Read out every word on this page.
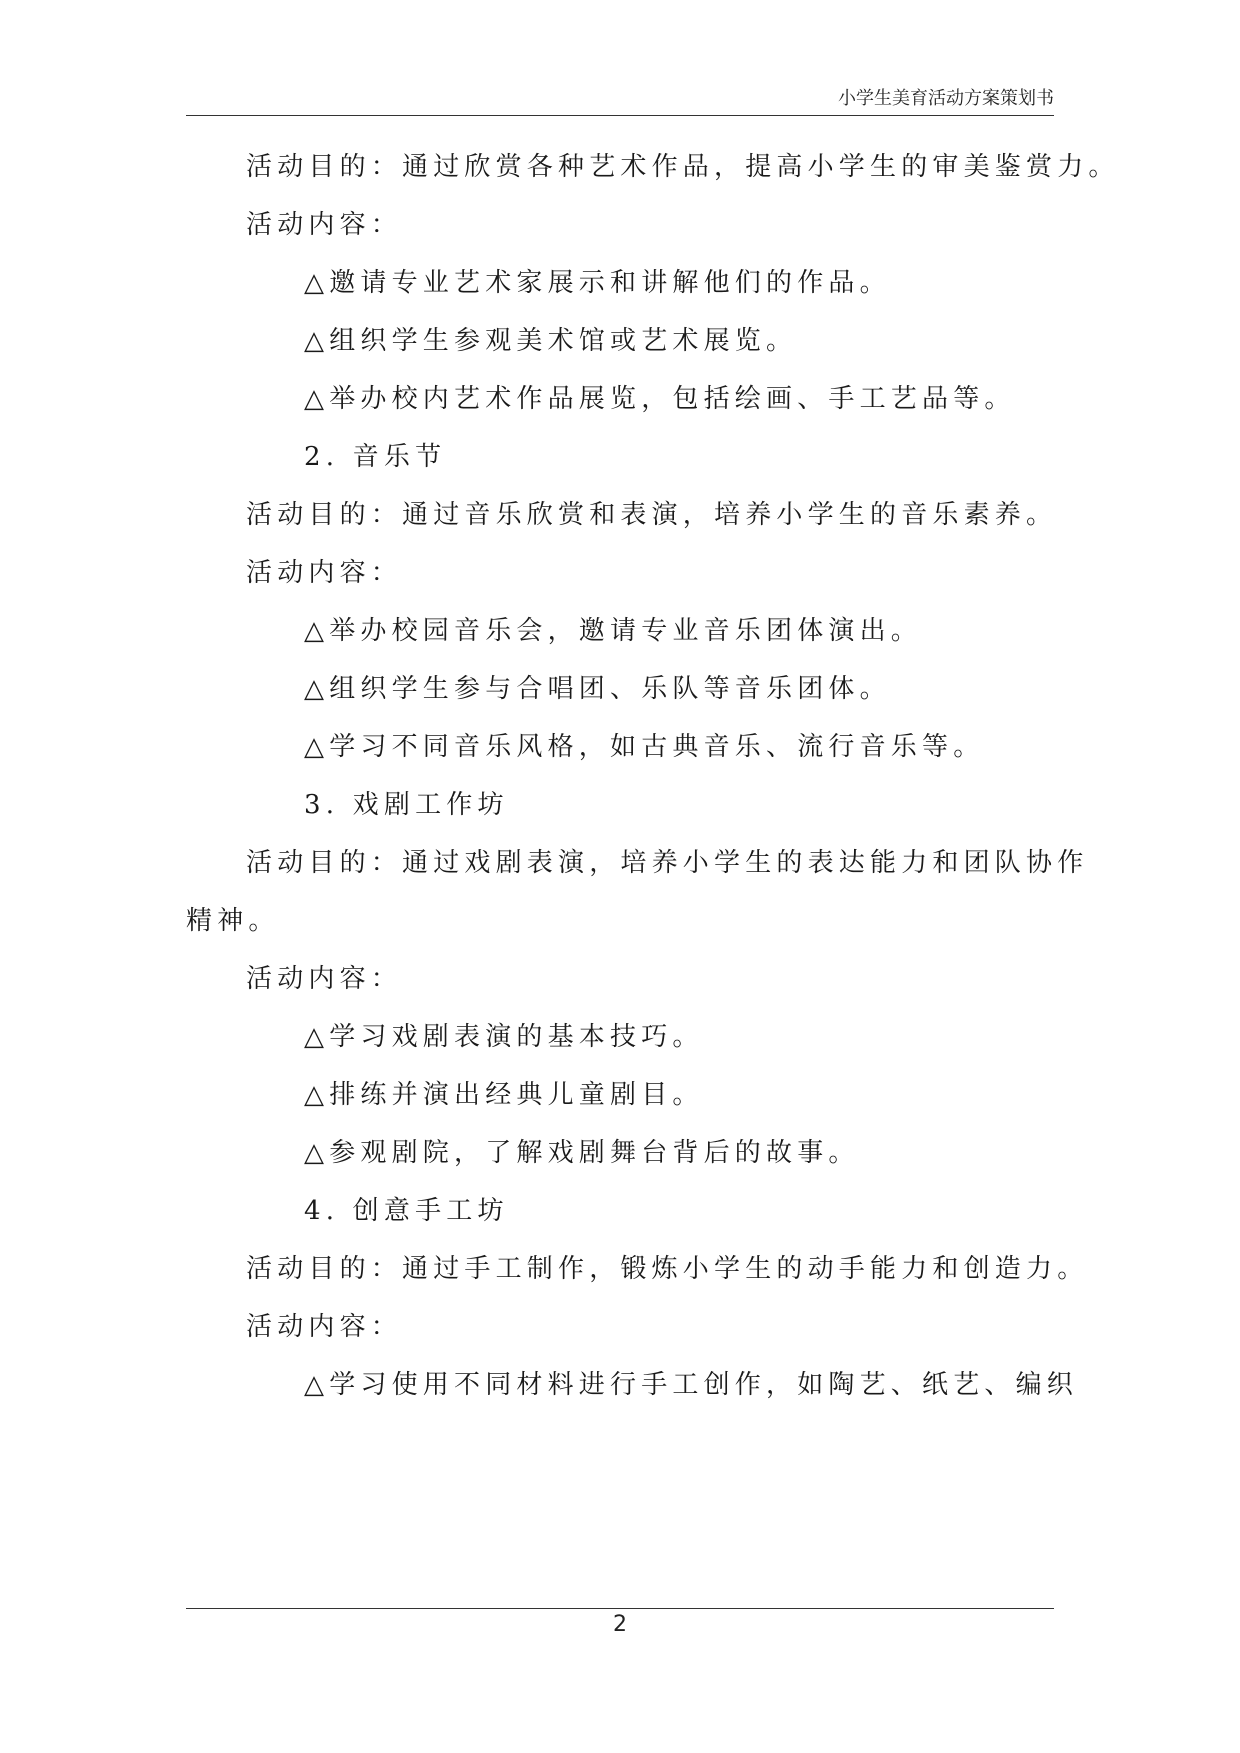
小学生美育活动方案策划书
活动目的：通过欣赏各种艺术作品，提高小学生的审美鉴赏力。
活动内容：
△邀请专业艺术家展示和讲解他们的作品。
△组织学生参观美术馆或艺术展览。
△举办校内艺术作品展览，包括绘画、手工艺品等。
2. 音乐节
活动目的：通过音乐欣赏和表演，培养小学生的音乐素养。
活动内容：
△举办校园音乐会，邀请专业音乐团体演出。
△组织学生参与合唱团、乐队等音乐团体。
△学习不同音乐风格，如古典音乐、流行音乐等。
3. 戏剧工作坊
活动目的：通过戏剧表演，培养小学生的表达能力和团队协作
精神。
活动内容：
△学习戏剧表演的基本技巧。
△排练并演出经典儿童剧目。
△参观剧院，了解戏剧舞台背后的故事。
4. 创意手工坊
活动目的：通过手工制作，锻炼小学生的动手能力和创造力。
活动内容：
△学习使用不同材料进行手工创作，如陶艺、纸艺、编织
2
